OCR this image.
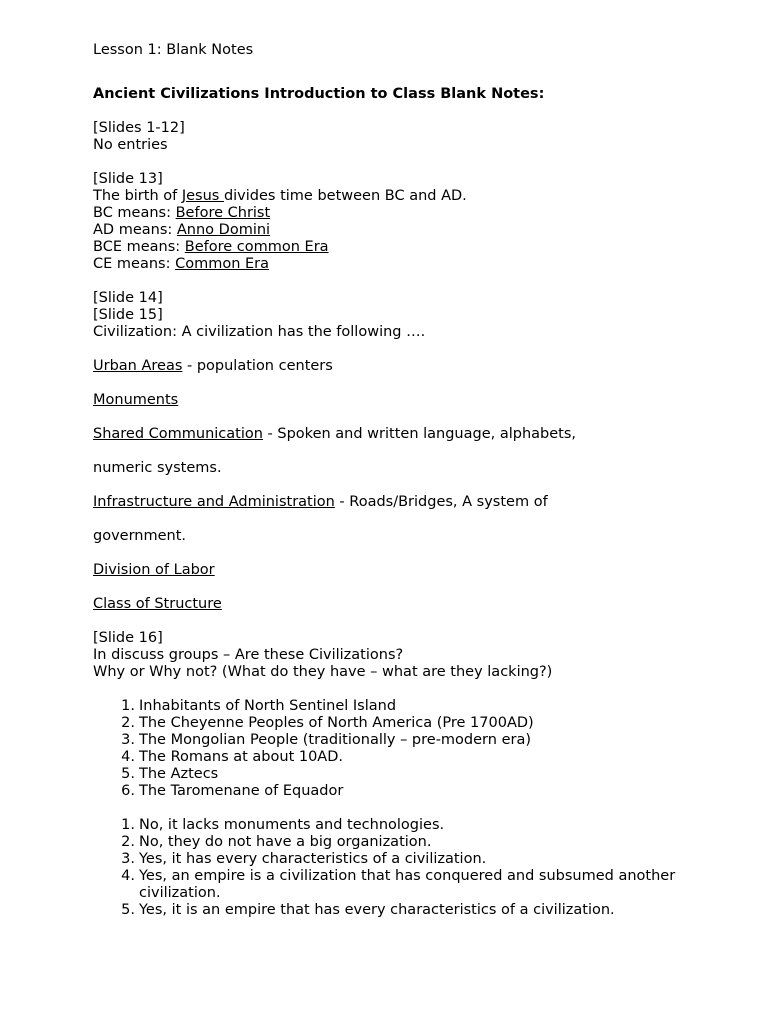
Lesson 1: Blank Notes
Ancient Civilizations Introduction to Class Blank Notes:
[Slides 1-12]
No entries
[Slide 13]
The birth of Jesus divides time between BC and AD.
BC means: Before Christ
AD means: Anno Domini
BCE means: Before common Era
CE means: Common Era
[Slide 14]
[Slide 15]
Civilization: A civilization has the following ….
Urban Areas - population centers
Monuments
Shared Communication - Spoken and written language, alphabets,
numeric systems.
Infrastructure and Administration - Roads/Bridges, A system of
government.
Division of Labor
Class of Structure
[Slide 16]
In discuss groups – Are these Civilizations?
Why or Why not? (What do they have – what are they lacking?)
1. Inhabitants of North Sentinel Island
2. The Cheyenne Peoples of North America (Pre 1700AD)
3. The Mongolian People (traditionally – pre-modern era)
4. The Romans at about 10AD.
5. The Aztecs
6. The Taromenane of Equador
1. No, it lacks monuments and technologies.
2. No, they do not have a big organization.
3. Yes, it has every characteristics of a civilization.
4. Yes, an empire is a civilization that has conquered and subsumed another civilization.
5. Yes, it is an empire that has every characteristics of a civilization.
